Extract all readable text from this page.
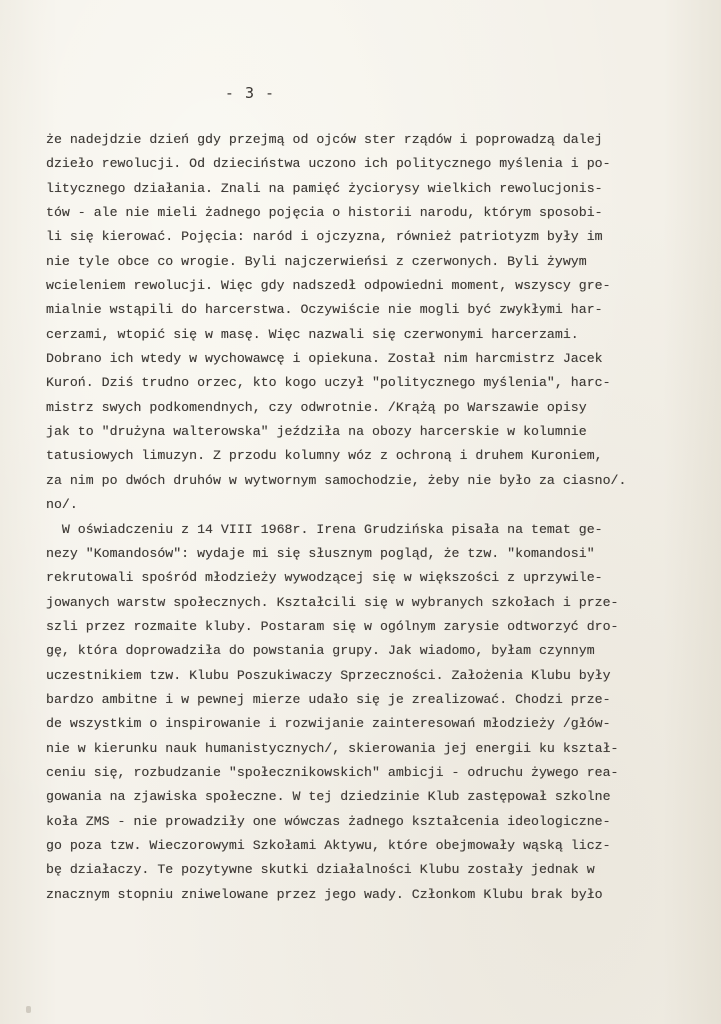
- 3 -
że nadejdzie dzień gdy przejmą od ojców ster rządów i poprowadzą dalej
dzieło rewolucji. Od dzieciństwa uczono ich politycznego myślenia i po-
litycznego działania. Znali na pamięć życiorysy wielkich rewolucjonis-
tów - ale nie mieli żadnego pojęcia o historii narodu, którym sposobi-
li się kierować. Pojęcia: naród i ojczyzna, również patriotyzm były im
nie tyle obce co wrogie. Byli najczerwieńsi z czerwonych. Byli żywym
wcieleniem rewolucji. Więc gdy nadszedł odpowiedni moment, wszyscy gre-
mialnie wstąpili do harcerstwa. Oczywiście nie mogli być zwykłymi har-
cerzami, wtopić się w masę. Więc nazwali się czerwonymi harcerzami.
Dobrano ich wtedy w wychowawcę i opiekuna. Został nim harcmistrz Jacek
Kuroń. Dziś trudno orzec, kto kogo uczył "politycznego myślenia", harc-
mistrz swych podkomendnych, czy odwrotnie. /Krążą po Warszawie opisy
jak to "drużyna walterowska" jeździła na obozy harcerskie w kolumnie
tatusiowych limuzyn. Z przodu kolumny wóz z ochroną i druhem Kuroniem,
za nim po dwóch druhów w wytwornym samochodzie, żeby nie było za ciasno/.
no/.
W oświadczeniu z 14 VIII 1968r. Irena Grudzińska pisała na temat ge-
nezy "Komandosów": wydaje mi się słusznym pogląd, że tzw. "komandosi"
rekrutowali spośród młodzieży wywodzącej się w większości z uprzywile-
jowanych warstw społecznych. Kształcili się w wybranych szkołach i prze-
szli przez rozmaite kluby. Postaram się w ogólnym zarysie odtworzyć dro-
gę, która doprowadziła do powstania grupy. Jak wiadomo, byłam czynnym
uczestnikiem tzw. Klubu Poszukiwaczy Sprzeczności. Założenia Klubu były
bardzo ambitne i w pewnej mierze udało się je zrealizować. Chodzi prze-
de wszystkim o inspirowanie i rozwijanie zainteresowań młodzieży /głów-
nie w kierunku nauk humanistycznych/, skierowania jej energii ku kształ-
ceniu się, rozbudzanie "społecznikowskich" ambicji - odruchu żywego rea-
gowania na zjawiska społeczne. W tej dziedzinie Klub zastępował szkolne
koła ZMS - nie prowadziły one wówczas żadnego kształcenia ideologiczne-
go poza tzw. Wieczorowymi Szkołami Aktywu, które obejmowały wąską licz-
bę działaczy. Te pozytywne skutki działalności Klubu zostały jednak w
znacznym stopniu zniwelowane przez jego wady. Członkom Klubu brak było
